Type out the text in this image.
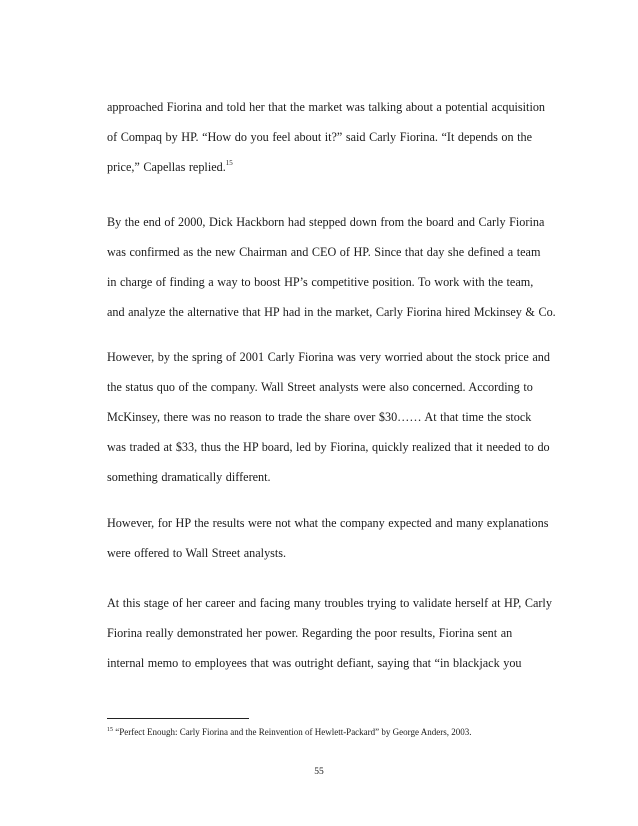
approached Fiorina and told her that the market was talking about a potential acquisition
of Compaq by HP. “How do you feel about it?” said Carly Fiorina. “It depends on the
price,” Capellas replied.$^{15}$

By the end of 2000, Dick Hackborn had stepped down from the board and Carly Fiorina
was confirmed as the new Chairman and CEO of HP. Since that day she defined a team
in charge of finding a way to boost HP’s competitive position. To work with the team,
and analyze the alternative that HP had in the market, Carly Fiorina hired Mckinsey & Co.

However, by the spring of 2001 Carly Fiorina was very worried about the stock price and
the status quo of the company. Wall Street analysts were also concerned. According to
McKinsey, there was no reason to trade the share over $30…… At that time the stock
was traded at $33, thus the HP board, led by Fiorina, quickly realized that it needed to do
something dramatically different.

However, for HP the results were not what the company expected and many explanations
were offered to Wall Street analysts.

At this stage of her career and facing many troubles trying to validate herself at HP, Carly
Fiorina really demonstrated her power. Regarding the poor results, Fiorina sent an
internal memo to employees that was outright defiant, saying that “in blackjack you

$^{15}$ “Perfect Enough: Carly Fiorina and the Reinvention of Hewlett-Packard” by George Anders, 2003.
55
